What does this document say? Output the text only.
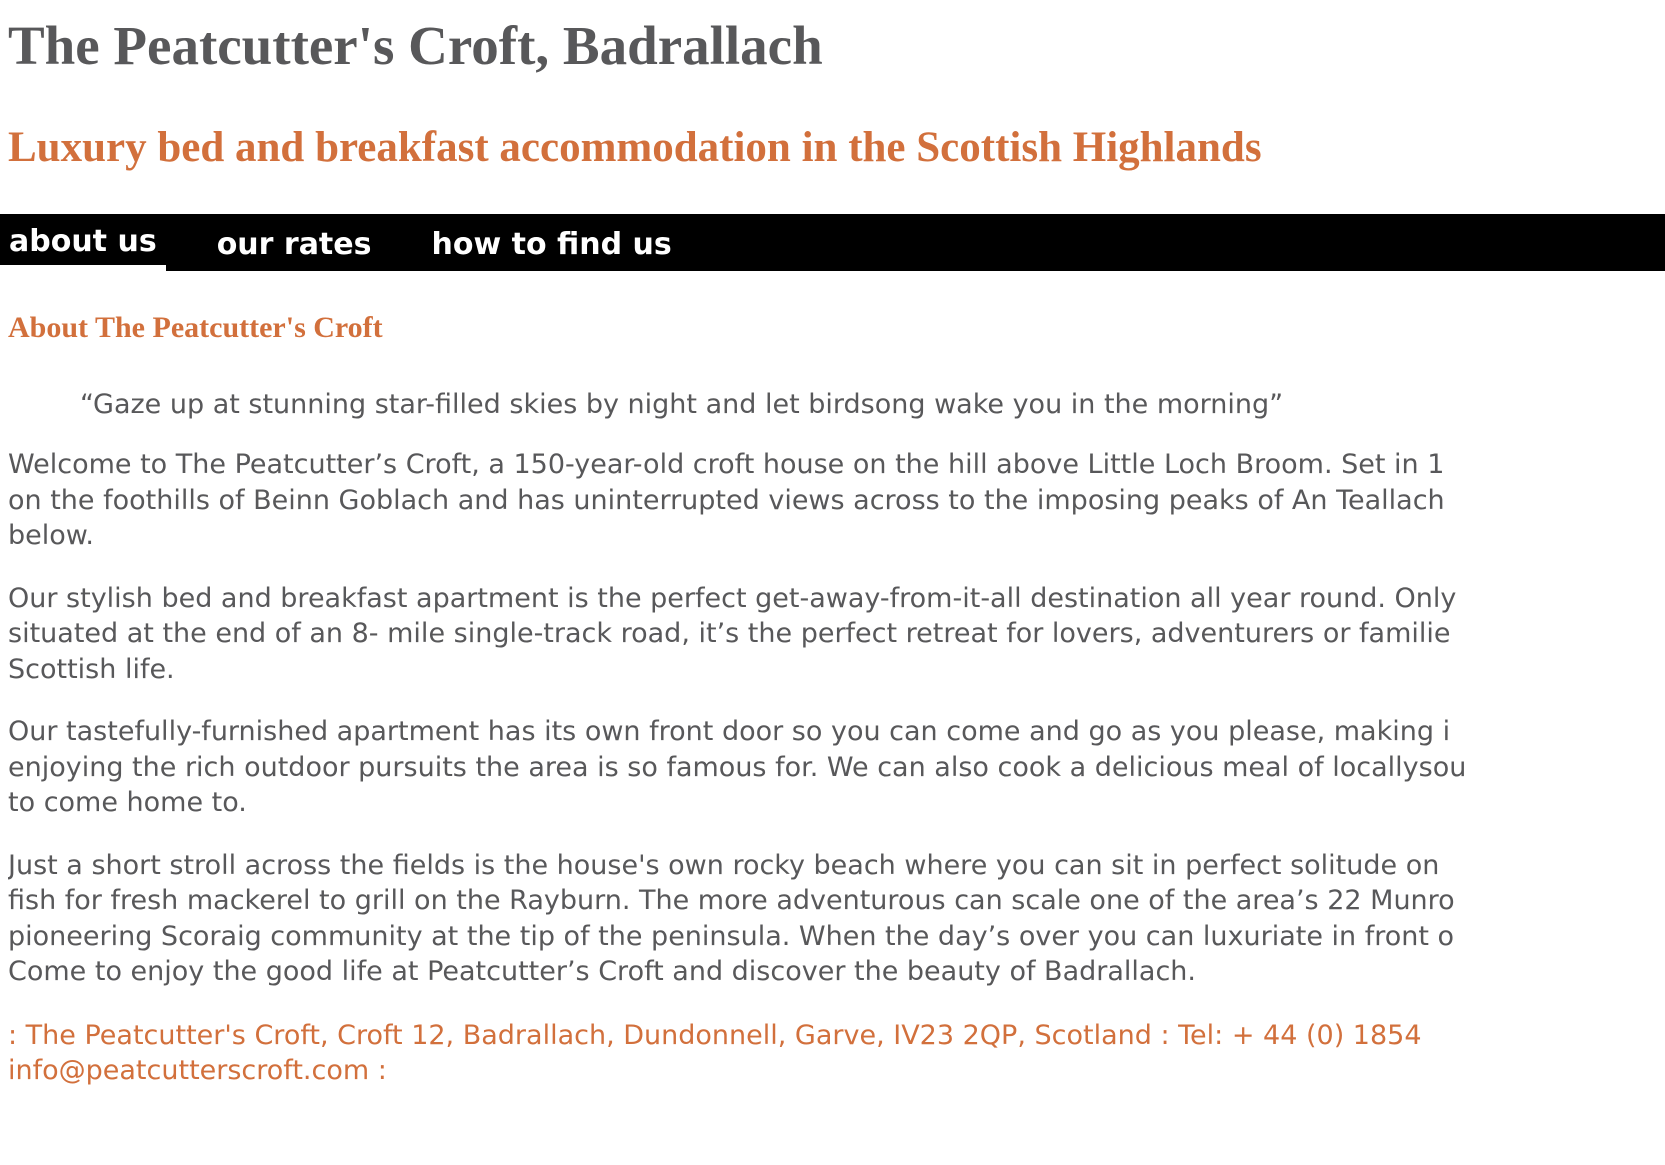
The Peatcutter's Croft, Badrallach
Luxury bed and breakfast accommodation in the Scottish Highlands
about us	our rates	how to find us
About The Peatcutter's Croft
“Gaze up at stunning star-filled skies by night and let birdsong wake you in the morning”
Welcome to The Peatcutter’s Croft, a 150-year-old croft house on the hill above Little Loch Broom. Set in 1
on the foothills of Beinn Goblach and has uninterrupted views across to the imposing peaks of An Teallach
below.
Our stylish bed and breakfast apartment is the perfect get-away-from-it-all destination all year round. Only
situated at the end of an 8- mile single-track road, it’s the perfect retreat for lovers, adventurers or familie
Scottish life.
Our tastefully-furnished apartment has its own front door so you can come and go as you please, making i
enjoying the rich outdoor pursuits the area is so famous for. We can also cook a delicious meal of locallysou
to come home to.
Just a short stroll across the fields is the house's own rocky beach where you can sit in perfect solitude on
fish for fresh mackerel to grill on the Rayburn. The more adventurous can scale one of the area’s 22 Munro
pioneering Scoraig community at the tip of the peninsula. When the day’s over you can luxuriate in front o
Come to enjoy the good life at Peatcutter’s Croft and discover the beauty of Badrallach.
: The Peatcutter's Croft, Croft 12, Badrallach, Dundonnell, Garve, IV23 2QP, Scotland : Tel: + 44 (0) 1854
info@peatcutterscroft.com :
